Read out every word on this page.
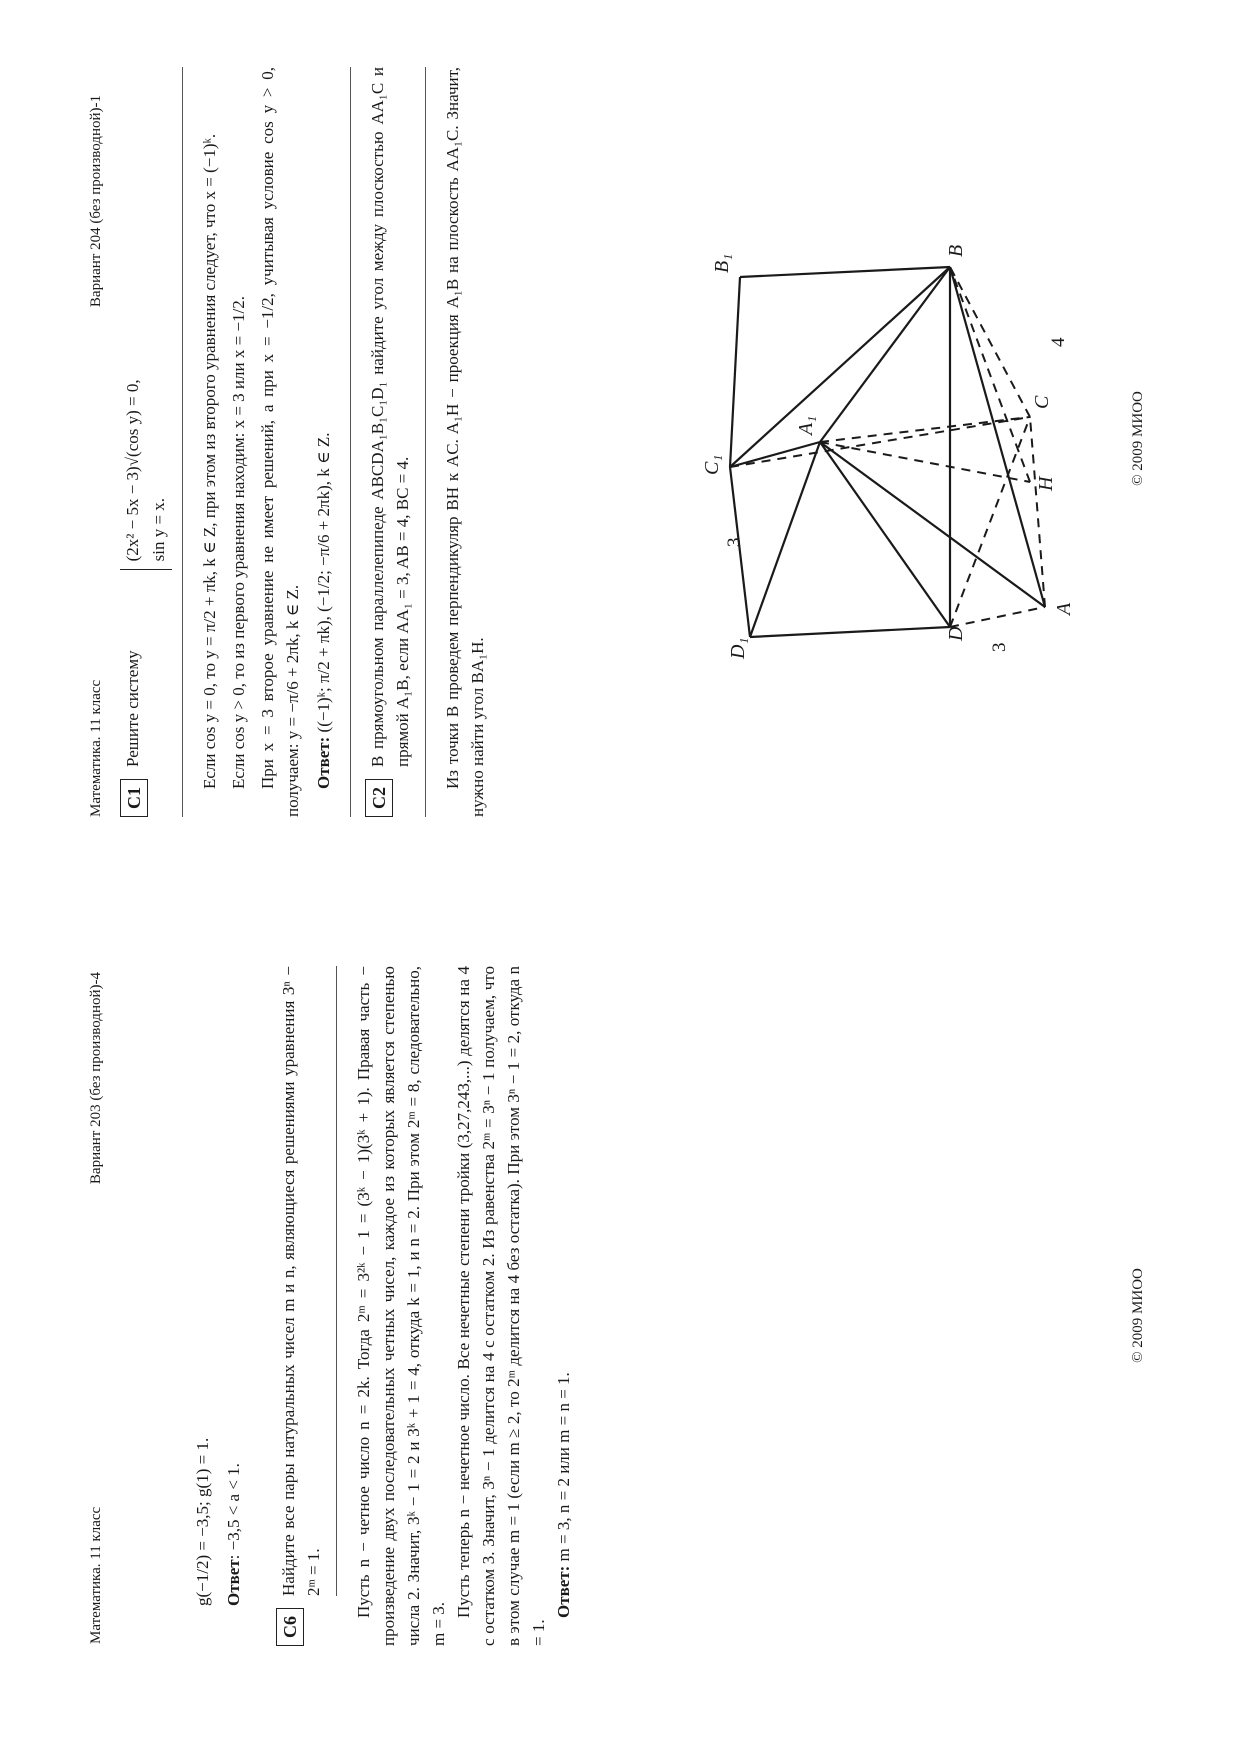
Математика. 11 класс
Вариант 203 (без производной)-4

g(−1/2) = −3,5; g(1) = 1. Ответ: −3,5 < a < 1.

C6
Найдите все пары натуральных чисел m и n, являющиеся решениями уравнения 3ⁿ − 2ᵐ = 1. Пусть n − четное число n = 2k. Тогда 2ᵐ = 3²ᵏ − 1 = (3ᵏ − 1)(3ᵏ + 1). Правая часть − произведение двух последовательных четных чисел, каждое из которых является степенью числа 2. Значит, 3ᵏ − 1 = 2 и 3ᵏ + 1 = 4, откуда k = 1, и n = 2. При этом 2ᵐ = 8, следовательно, m = 3.

Пусть теперь n − нечетное число. Все нечетные степени тройки (3,27,243,...) делятся на 4 с остатком 3. Значит, 3ⁿ − 1 делится на 4 с остатком 2. Из равенства 2ᵐ = 3ⁿ − 1 получаем, что в этом случае m = 1 (если m ≥ 2, то 2ᵐ делится на 4 без остатка). При этом 3ⁿ − 1 = 2, откуда n = 1.

Ответ: m = 3, n = 2 или m = n = 1.

© 2009 МИОО
Математика. 11 класс
Вариант 204 (без производной)-1
C1
Решите систему
(2x² − 5x − 3)√(cos y) = 0, sin y = x. Если cos y = 0, то y = π/2 + πk, k ∈ Z, при этом из второго уравнения следует, что x = (−1)ᵏ. Если cos y > 0, то из первого уравнения находим: x = 3 или x = −1/2. При x = 3 второе уравнение не имеет решений, а при x = −1/2, учитывая условие cos y > 0, получаем: y = −π/6 + 2πk, k ∈ Z. Ответ: ((−1)ᵏ; π/2 + πk), (−1/2; −π/6 + 2πk), k ∈ Z.

C2
В прямоугольном параллелепипеде ABCDA₁B₁C₁D₁ найдите угол между плоскостью AA₁C и прямой A₁B, если AA₁ = 3, AB = 4, BC = 4. Из точки B проведем перпендикуляр BH к AC. A₁H − проекция A₁B на плоскость AA₁C. Значит, нужно найти угол BA₁H.	D₁
C₁
B₁
B
A₁
D
A
C
H
3
3
4
© 2009 МИОО
